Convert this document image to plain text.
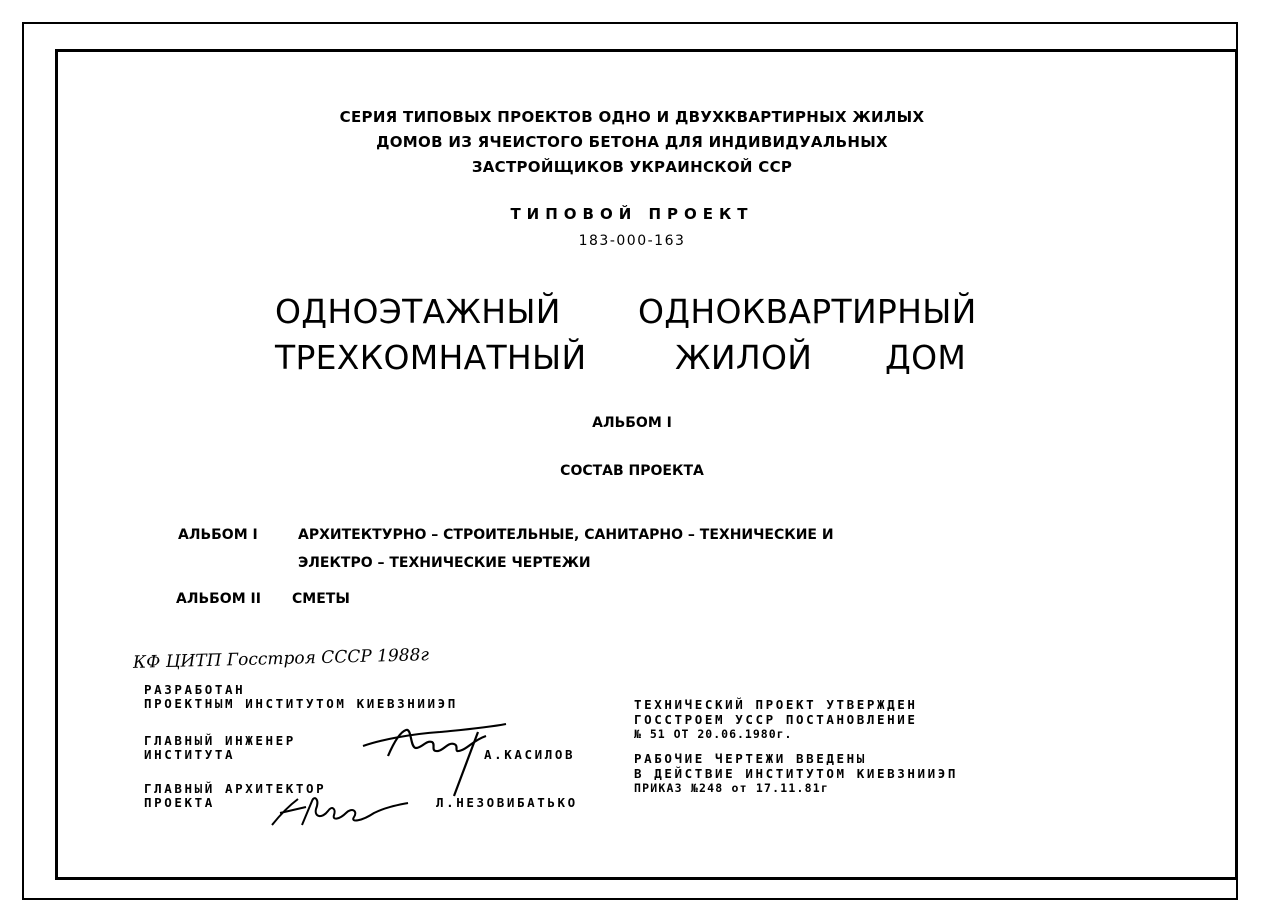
СЕРИЯ ТИПОВЫХ ПРОЕКТОВ ОДНО И ДВУХКВАРТИРНЫХ ЖИЛЫХ
ДОМОВ ИЗ ЯЧЕИСТОГО БЕТОНА ДЛЯ ИНДИВИДУАЛЬНЫХ
ЗАСТРОЙЩИКОВ УКРАИНСКОЙ ССР
ТИПОВОЙ ПРОЕКТ
183-000-163
ОДНОЭТАЖНЫЙ ОДНОКВАРТИРНЫЙ
ТРЕХКОМНАТНЫЙ	ЖИЛОЙ ДОМ
АЛЬБОМ I
СОСТАВ ПРОЕКТА
АЛЬБОМ I	АРХИТЕКТУРНО – СТРОИТЕЛЬНЫЕ, САНИТАРНО – ТЕХНИЧЕСКИЕ И
ЭЛЕКТРО – ТЕХНИЧЕСКИЕ ЧЕРТЕЖИ
АЛЬБОМ II СМЕТЫ
КФ ЦИТП Госстроя СССР 1988г
РАЗРАБОТАН
ПРОЕКТНЫМ ИНСТИТУТОМ КИЕВЗНИИЭП
ГЛАВНЫЙ ИНЖЕНЕР
ИНСТИТУТА	А.КАСИЛОВ
ГЛАВНЫЙ АРХИТЕКТОР
ПРОЕКТА	Л.НЕЗОВИБАТЬКО
ТЕХНИЧЕСКИЙ ПРОЕКТ УТВЕРЖДЕН
ГОССТРОЕМ УССР ПОСТАНОВЛЕНИЕ
№ 51 ОТ 20.06.1980г.
РАБОЧИЕ ЧЕРТЕЖИ ВВЕДЕНЫ
В ДЕЙСТВИЕ ИНСТИТУТОМ КИЕВЗНИИЭП
ПРИКАЗ №248 от 17.11.81г
